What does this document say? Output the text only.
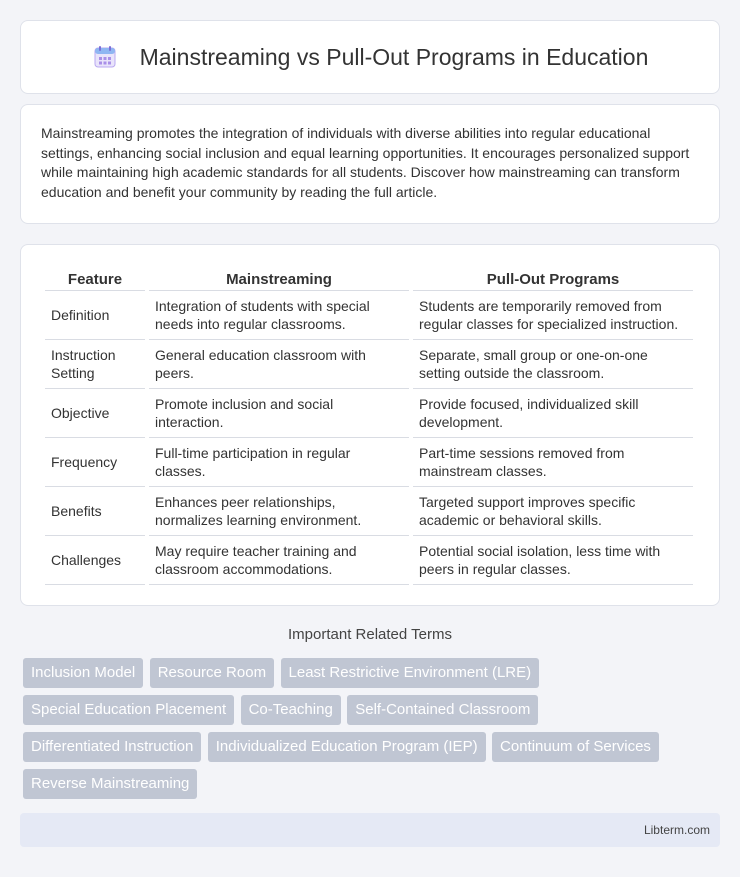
Mainstreaming vs Pull-Out Programs in Education

Mainstreaming promotes the integration of individuals with diverse abilities into regular educational settings, enhancing social inclusion and equal learning opportunities. It encourages personalized support while maintaining high academic standards for all students. Discover how mainstreaming can transform education and benefit your community by reading the full article.

Feature	Mainstreaming	Pull-Out Programs
Definition	Integration of students with special needs into regular classrooms.	Students are temporarily removed from regular classes for specialized instruction.
Instruction Setting	General education classroom with peers.	Separate, small group or one-on-one setting outside the classroom.
Objective	Promote inclusion and social interaction.	Provide focused, individualized skill development.
Frequency	Full-time participation in regular classes.	Part-time sessions removed from mainstream classes.
Benefits	Enhances peer relationships, normalizes learning environment.	Targeted support improves specific academic or behavioral skills.
Challenges	May require teacher training and classroom accommodations.	Potential social isolation, less time with peers in regular classes.
Important Related Terms
Inclusion Model Resource Room Least Restrictive Environment (LRE) Special Education Placement Co-Teaching Self-Contained Classroom Differentiated Instruction Individualized Education Program (IEP) Continuum of Services Reverse Mainstreaming
Libterm.com
